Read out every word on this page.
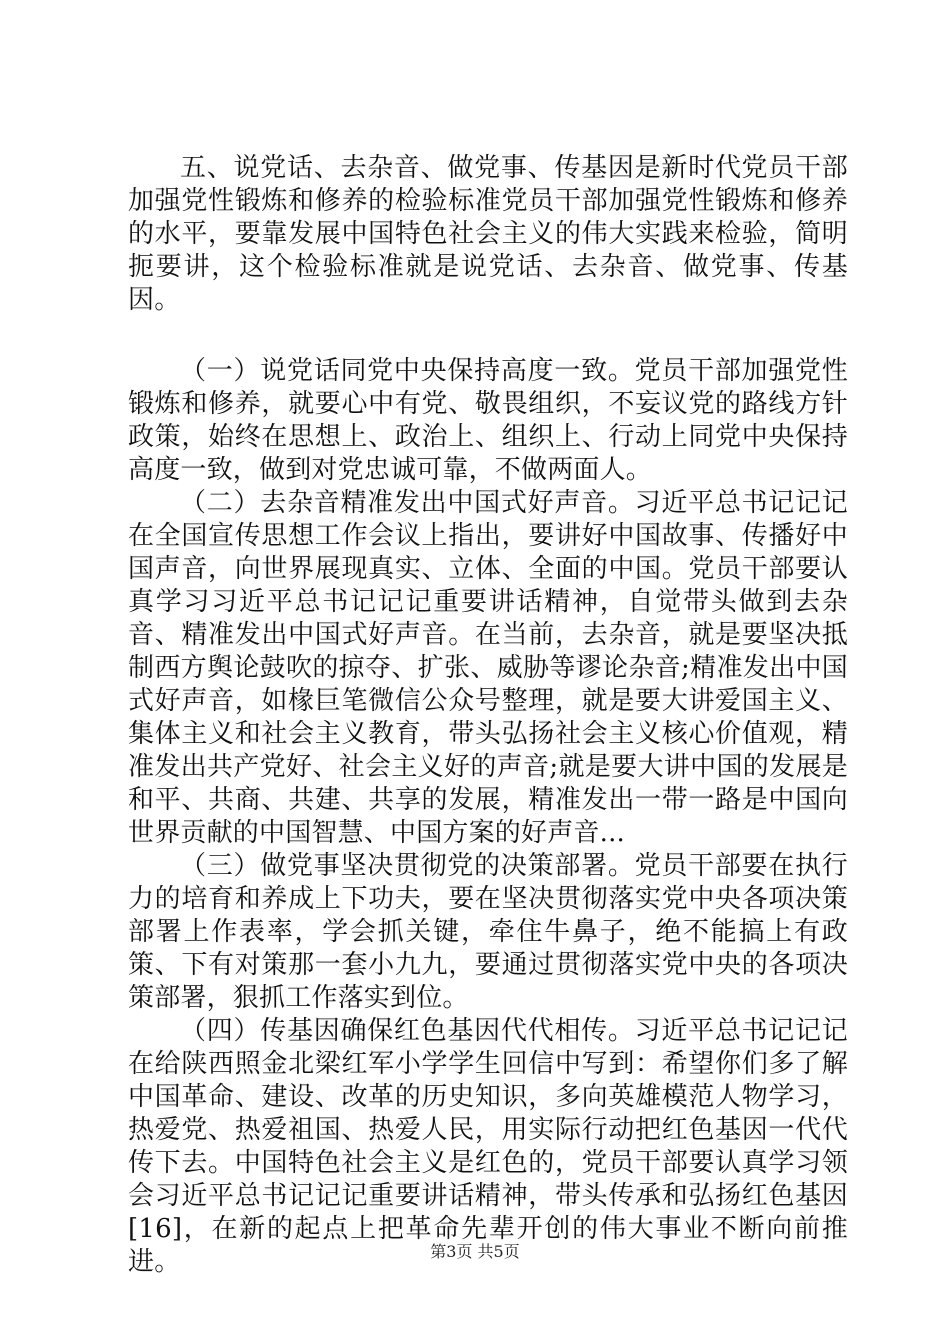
五、说党话、去杂音、做党事、传基因是新时代党员干部加强党性锻炼和修养的检验标准党员干部加强党性锻炼和修养的水平，要靠发展中国特色社会主义的伟大实践来检验，简明扼要讲，这个检验标准就是说党话、去杂音、做党事、传基因。

（一）说党话同党中央保持高度一致。党员干部加强党性锻炼和修养，就要心中有党、敬畏组织，不妄议党的路线方针政策，始终在思想上、政治上、组织上、行动上同党中央保持高度一致，做到对党忠诚可靠，不做两面人。

（二）去杂音精准发出中国式好声音。习近平总书记记记在全国宣传思想工作会议上指出，要讲好中国故事、传播好中国声音，向世界展现真实、立体、全面的中国。党员干部要认真学习习近平总书记记记重要讲话精神，自觉带头做到去杂音、精准发出中国式好声音。在当前，去杂音，就是要坚决抵制西方舆论鼓吹的掠夺、扩张、威胁等谬论杂音;精准发出中国式好声音，如椽巨笔微信公众号整理，就是要大讲爱国主义、集体主义和社会主义教育，带头弘扬社会主义核心价值观，精准发出共产党好、社会主义好的声音;就是要大讲中国的发展是和平、共商、共建、共享的发展，精准发出一带一路是中国向世界贡献的中国智慧、中国方案的好声音...

（三）做党事坚决贯彻党的决策部署。党员干部要在执行力的培育和养成上下功夫，要在坚决贯彻落实党中央各项决策部署上作表率，学会抓关键，牵住牛鼻子，绝不能搞上有政策、下有对策那一套小九九，要通过贯彻落实党中央的各项决策部署，狠抓工作落实到位。

（四）传基因确保红色基因代代相传。习近平总书记记记在给陕西照金北梁红军小学学生回信中写到：希望你们多了解中国革命、建设、改革的历史知识，多向英雄模范人物学习，热爱党、热爱祖国、热爱人民，用实际行动把红色基因一代代传下去。中国特色社会主义是红色的，党员干部要认真学习领会习近平总书记记记重要讲话精神，带头传承和弘扬红色基因[16]，在新的起点上把革命先辈开创的伟大事业不断向前推进。	第3页 共5页
